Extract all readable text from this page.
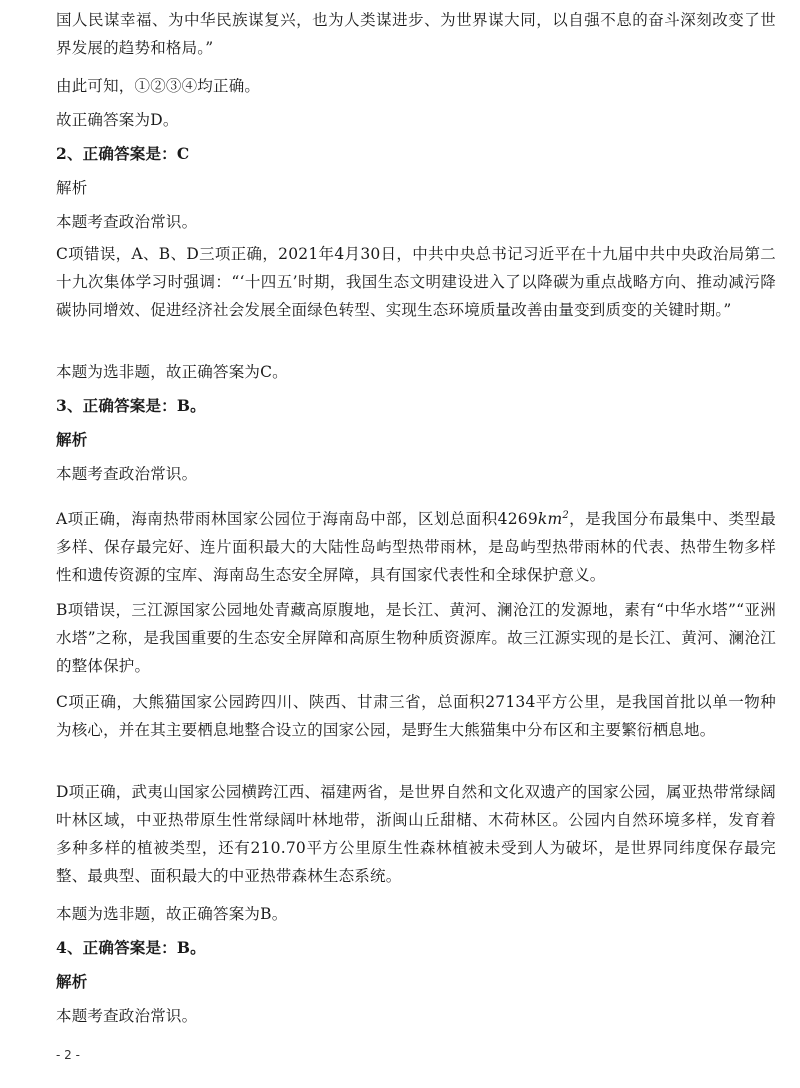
国人民谋幸福、为中华民族谋复兴，也为人类谋进步、为世界谋大同，以自强不息的奋斗深刻改变了世界发展的趋势和格局。”

由此可知，①②③④均正确。

故正确答案为D。

2、正确答案是：C

解析

本题考查政治常识。

C项错误，A、B、D三项正确，2021年4月30日，中共中央总书记习近平在十九届中共中央政治局第二十九次集体学习时强调：“‘十四五’时期，我国生态文明建设进入了以降碳为重点战略方向、推动减污降碳协同增效、促进经济社会发展全面绿色转型、实现生态环境质量改善由量变到质变的关键时期。”

本题为选非题，故正确答案为C。

3、正确答案是：B。

解析

本题考查政治常识。

A项正确，海南热带雨林国家公园位于海南岛中部，区划总面积$4269km^2$，是我国分布最集中、类型最多样、保存最完好、连片面积最大的大陆性岛屿型热带雨林，是岛屿型热带雨林的代表、热带生物多样性和遗传资源的宝库、海南岛生态安全屏障，具有国家代表性和全球保护意义。

B项错误，三江源国家公园地处青藏高原腹地，是长江、黄河、澜沧江的发源地，素有“中华水塔”“亚洲水塔”之称，是我国重要的生态安全屏障和高原生物种质资源库。故三江源实现的是长江、黄河、澜沧江的整体保护。

C项正确，大熊猫国家公园跨四川、陕西、甘肃三省，总面积27134平方公里，是我国首批以单一物种为核心，并在其主要栖息地整合设立的国家公园，是野生大熊猫集中分布区和主要繁衍栖息地。

D项正确，武夷山国家公园横跨江西、福建两省，是世界自然和文化双遗产的国家公园，属亚热带常绿阔叶林区域，中亚热带原生性常绿阔叶林地带，浙闽山丘甜槠、木荷林区。公园内自然环境多样，发育着多种多样的植被类型，还有210.70平方公里原生性森林植被未受到人为破坏，是世界同纬度保存最完整、最典型、面积最大的中亚热带森林生态系统。

本题为选非题，故正确答案为B。

4、正确答案是：B。

解析

本题考查政治常识。

- 2 -
